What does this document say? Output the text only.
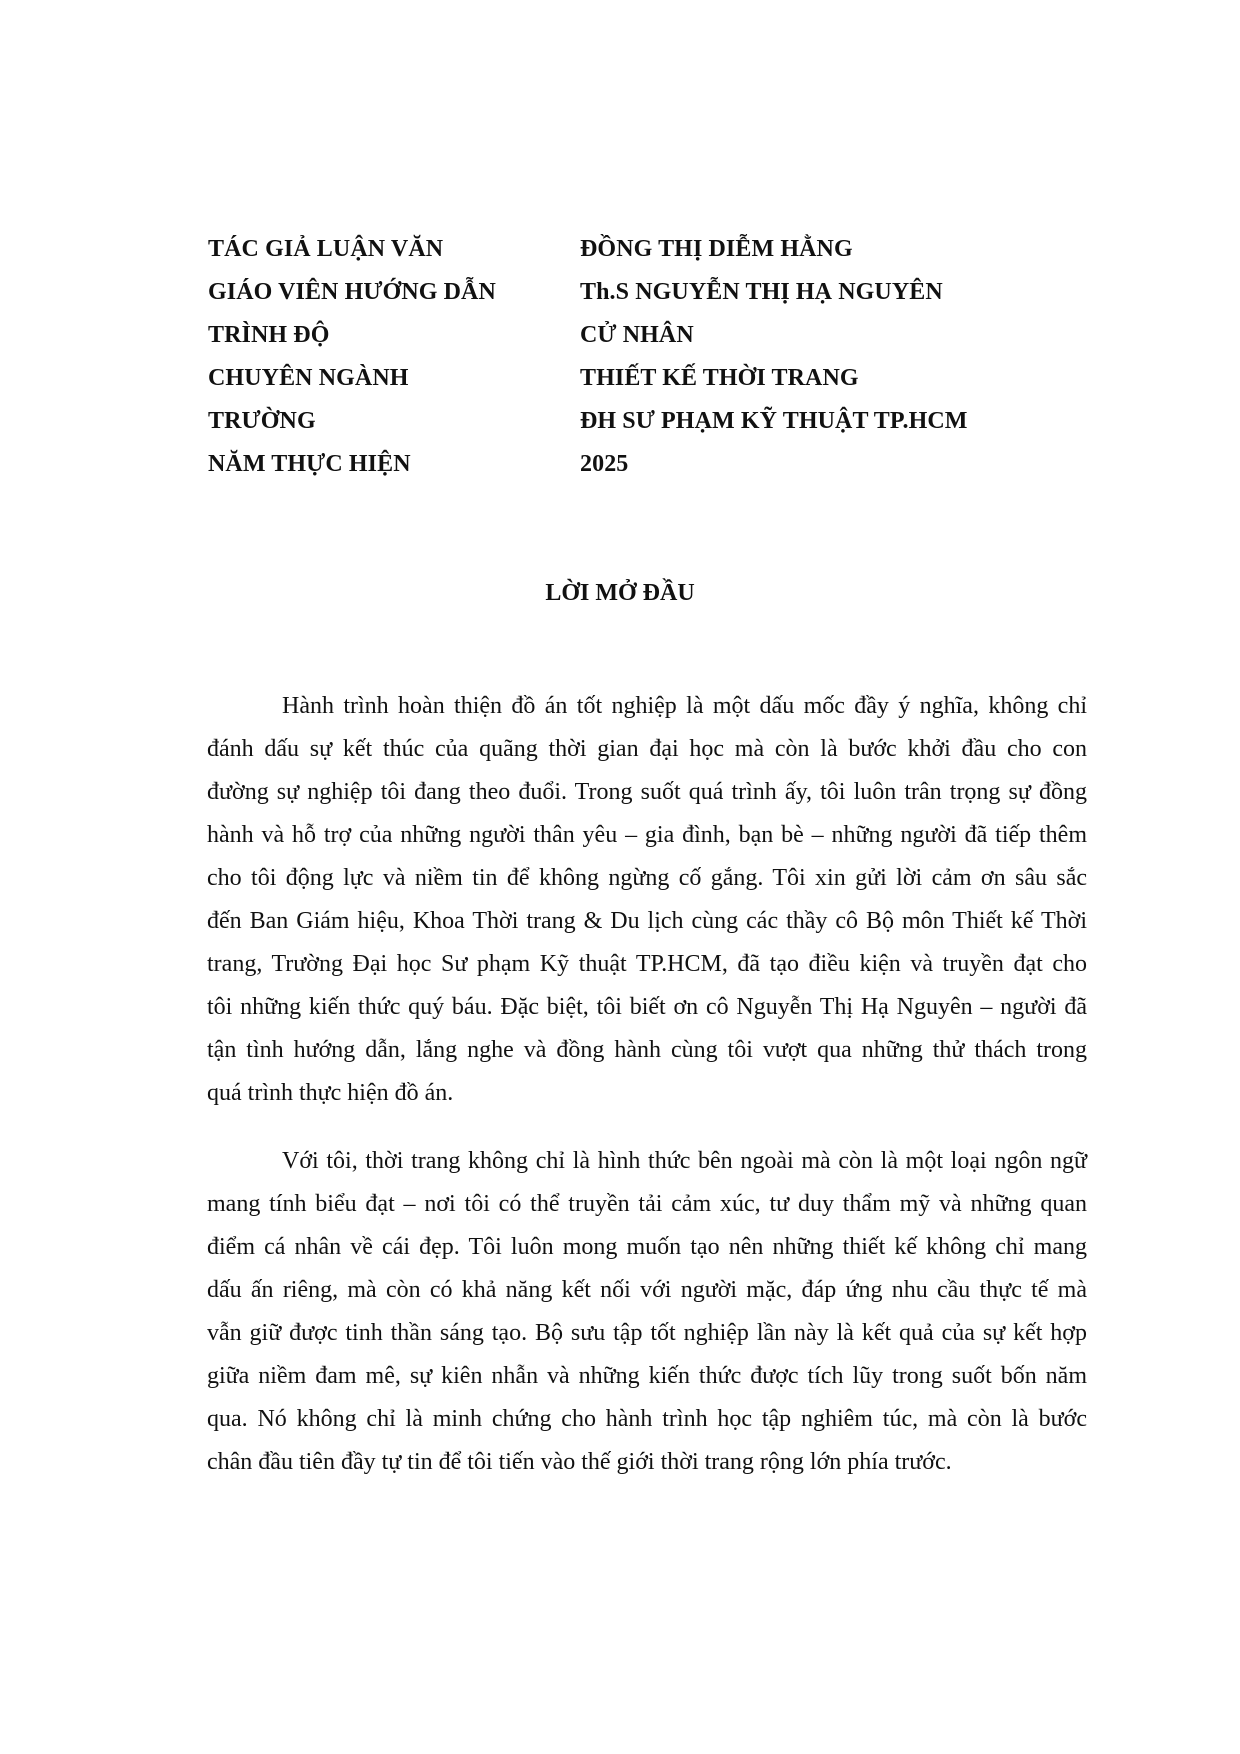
TÁC GIẢ LUẬN VĂN	ĐỒNG THỊ DIỄM HẰNG
GIÁO VIÊN HƯỚNG DẪN	Th.S NGUYỄN THỊ HẠ NGUYÊN
TRÌNH ĐỘ	CỬ NHÂN
CHUYÊN NGÀNH	THIẾT KẾ THỜI TRANG
TRƯỜNG	ĐH SƯ PHẠM KỸ THUẬT TP.HCM
NĂM THỰC HIỆN	2025
LỜI MỞ ĐẦU
Hành trình hoàn thiện đồ án tốt nghiệp là một dấu mốc đầy ý nghĩa, không chỉ
đánh dấu sự kết thúc của quãng thời gian đại học mà còn là bước khởi đầu cho con
đường sự nghiệp tôi đang theo đuổi. Trong suốt quá trình ấy, tôi luôn trân trọng sự đồng
hành và hỗ trợ của những người thân yêu – gia đình, bạn bè – những người đã tiếp thêm
cho tôi động lực và niềm tin để không ngừng cố gắng. Tôi xin gửi lời cảm ơn sâu sắc
đến Ban Giám hiệu, Khoa Thời trang & Du lịch cùng các thầy cô Bộ môn Thiết kế Thời
trang, Trường Đại học Sư phạm Kỹ thuật TP.HCM, đã tạo điều kiện và truyền đạt cho
tôi những kiến thức quý báu. Đặc biệt, tôi biết ơn cô Nguyễn Thị Hạ Nguyên – người đã
tận tình hướng dẫn, lắng nghe và đồng hành cùng tôi vượt qua những thử thách trong
quá trình thực hiện đồ án.
Với tôi, thời trang không chỉ là hình thức bên ngoài mà còn là một loại ngôn ngữ
mang tính biểu đạt – nơi tôi có thể truyền tải cảm xúc, tư duy thẩm mỹ và những quan
điểm cá nhân về cái đẹp. Tôi luôn mong muốn tạo nên những thiết kế không chỉ mang
dấu ấn riêng, mà còn có khả năng kết nối với người mặc, đáp ứng nhu cầu thực tế mà
vẫn giữ được tinh thần sáng tạo. Bộ sưu tập tốt nghiệp lần này là kết quả của sự kết hợp
giữa niềm đam mê, sự kiên nhẫn và những kiến thức được tích lũy trong suốt bốn năm
qua. Nó không chỉ là minh chứng cho hành trình học tập nghiêm túc, mà còn là bước
chân đầu tiên đầy tự tin để tôi tiến vào thế giới thời trang rộng lớn phía trước.
